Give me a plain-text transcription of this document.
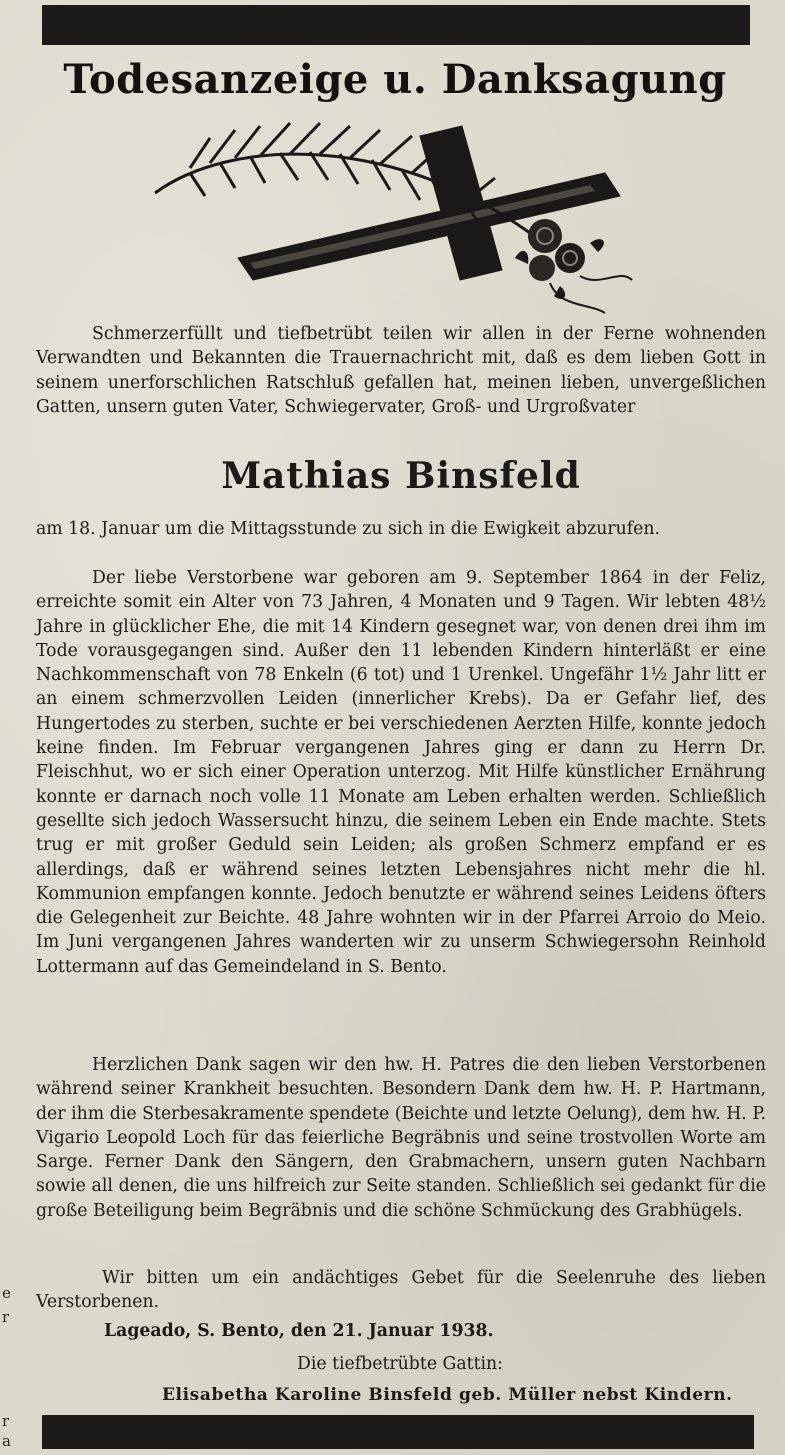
Todesanzeige u. Danksagung
Schmerzerfüllt und tiefbetrübt teilen wir allen in der Ferne wohnenden Verwandten und Bekannten die Trauernachricht mit, daß es dem lieben Gott in seinem unerforschlichen Ratschluß gefallen hat, meinen lieben, unvergeßlichen Gatten, unsern guten Vater, Schwiegervater, Groß- und Urgroßvater
Mathias Binsfeld
am 18. Januar um die Mittagsstunde zu sich in die Ewigkeit abzurufen.
Der liebe Verstorbene war geboren am 9. September 1864 in der Feliz, erreichte somit ein Alter von 73 Jahren, 4 Monaten und 9 Tagen. Wir lebten 48½ Jahre in glücklicher Ehe, die mit 14 Kindern gesegnet war, von denen drei ihm im Tode vorausgegangen sind. Außer den 11 lebenden Kindern hinterläßt er eine Nachkommenschaft von 78 Enkeln (6 tot) und 1 Urenkel. Ungefähr 1½ Jahr litt er an einem schmerzvollen Leiden (innerlicher Krebs). Da er Gefahr lief, des Hungertodes zu sterben, suchte er bei verschiedenen Aerzten Hilfe, konnte jedoch keine finden. Im Februar vergangenen Jahres ging er dann zu Herrn Dr. Fleischhut, wo er sich einer Operation unterzog. Mit Hilfe künstlicher Ernährung konnte er darnach noch volle 11 Monate am Leben erhalten werden. Schließlich gesellte sich jedoch Wassersucht hinzu, die seinem Leben ein Ende machte. Stets trug er mit großer Geduld sein Leiden; als großen Schmerz empfand er es allerdings, daß er während seines letzten Lebensjahres nicht mehr die hl. Kommunion empfangen konnte. Jedoch benutzte er während seines Leidens öfters die Gelegenheit zur Beichte. 48 Jahre wohnten wir in der Pfarrei Arroio do Meio. Im Juni vergangenen Jahres wanderten wir zu unserm Schwiegersohn Reinhold Lottermann auf das Gemeindeland in S. Bento.
Herzlichen Dank sagen wir den hw. H. Patres die den lieben Verstorbenen während seiner Krankheit besuchten. Besondern Dank dem hw. H. P. Hartmann, der ihm die Sterbesakramente spendete (Beichte und letzte Oelung), dem hw. H. P. Vigario Leopold Loch für das feierliche Begräbnis und seine trostvollen Worte am Sarge. Ferner Dank den Sängern, den Grabmachern, unsern guten Nachbarn sowie all denen, die uns hilfreich zur Seite standen. Schließlich sei gedankt für die große Beteiligung beim Begräbnis und die schöne Schmückung des Grabhügels.
Wir bitten um ein andächtiges Gebet für die Seelenruhe des lieben Verstorbenen.
Lageado, S. Bento, den 21. Januar 1938.
Die tiefbetrübte Gattin:
Elisabetha Karoline Binsfeld geb. Müller nebst Kindern.
e
r
r
a
